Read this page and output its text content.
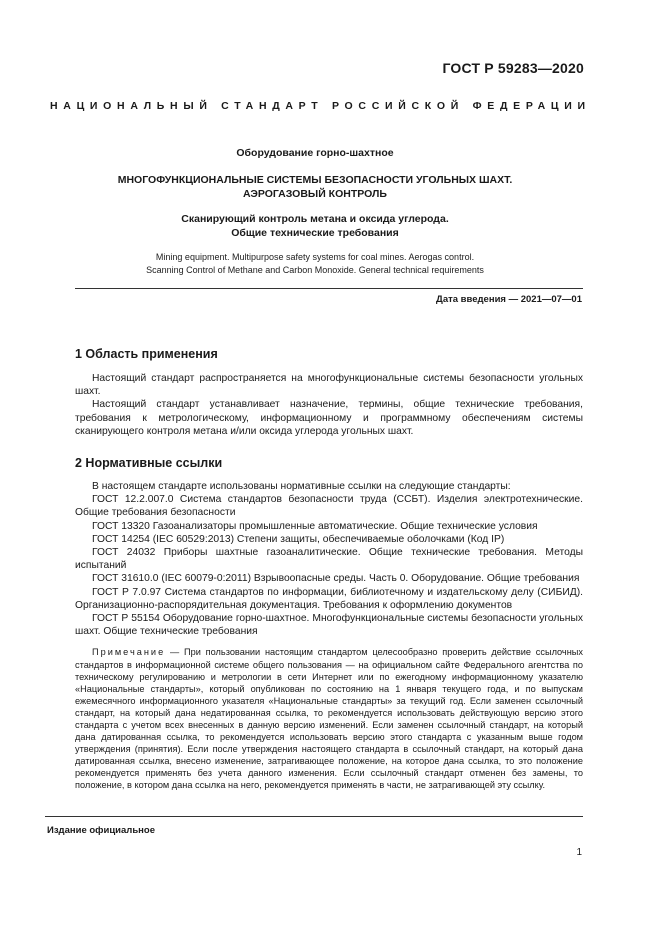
ГОСТ Р 59283—2020
НАЦИОНАЛЬНЫЙ СТАНДАРТ РОССИЙСКОЙ ФЕДЕРАЦИИ
Оборудование горно-шахтное
МНОГОФУНКЦИОНАЛЬНЫЕ СИСТЕМЫ БЕЗОПАСНОСТИ УГОЛЬНЫХ ШАХТ.
АЭРОГАЗОВЫЙ КОНТРОЛЬ
Сканирующий контроль метана и оксида углерода.
Общие технические требования
Mining equipment. Multipurpose safety systems for coal mines. Aerogas control.
Scanning Control of Methane and Carbon Monoxide. General technical requirements
Дата введения — 2021—07—01
1 Область применения

Настоящий стандарт распространяется на многофункциональные системы безопасности угольных шахт.

Настоящий стандарт устанавливает назначение, термины, общие технические требования, требования к метрологическому, информационному и программному обеспечениям системы сканирующего контроля метана и/или оксида углерода угольных шахт.

2 Нормативные ссылки

В настоящем стандарте использованы нормативные ссылки на следующие стандарты:

ГОСТ 12.2.007.0 Система стандартов безопасности труда (ССБТ). Изделия электротехнические. Общие требования безопасности

ГОСТ 13320 Газоанализаторы промышленные автоматические. Общие технические условия

ГОСТ 14254 (IEC 60529:2013) Степени защиты, обеспечиваемые оболочками (Код IP)

ГОСТ 24032 Приборы шахтные газоаналитические. Общие технические требования. Методы испытаний

ГОСТ 31610.0 (IEC 60079-0:2011) Взрывоопасные среды. Часть 0. Оборудование. Общие требования

ГОСТ Р 7.0.97 Система стандартов по информации, библиотечному и издательскому делу (СИБИД). Организационно-распорядительная документация. Требования к оформлению документов

ГОСТ Р 55154 Оборудование горно-шахтное. Многофункциональные системы безопасности угольных шахт. Общие технические требования

Примечание — При пользовании настоящим стандартом целесообразно проверить действие ссылочных стандартов в информационной системе общего пользования — на официальном сайте Федерального агентства по техническому регулированию и метрологии в сети Интернет или по ежегодному информационному указателю «Национальные стандарты», который опубликован по состоянию на 1 января текущего года, и по выпускам ежемесячного информационного указателя «Национальные стандарты» за текущий год. Если заменен ссылочный стандарт, на который дана недатированная ссылка, то рекомендуется использовать действующую версию этого стандарта с учетом всех внесенных в данную версию изменений. Если заменен ссылочный стандарт, на который дана датированная ссылка, то рекомендуется использовать версию этого стандарта с указанным выше годом утверждения (принятия). Если после утверждения настоящего стандарта в ссылочный стандарт, на который дана датированная ссылка, внесено изменение, затрагивающее положение, на которое дана ссылка, то это положение рекомендуется применять без учета данного изменения. Если ссылочный стандарт отменен без замены, то положение, в котором дана ссылка на него, рекомендуется применять в части, не затрагивающей эту ссылку.

Издание официальное
1
